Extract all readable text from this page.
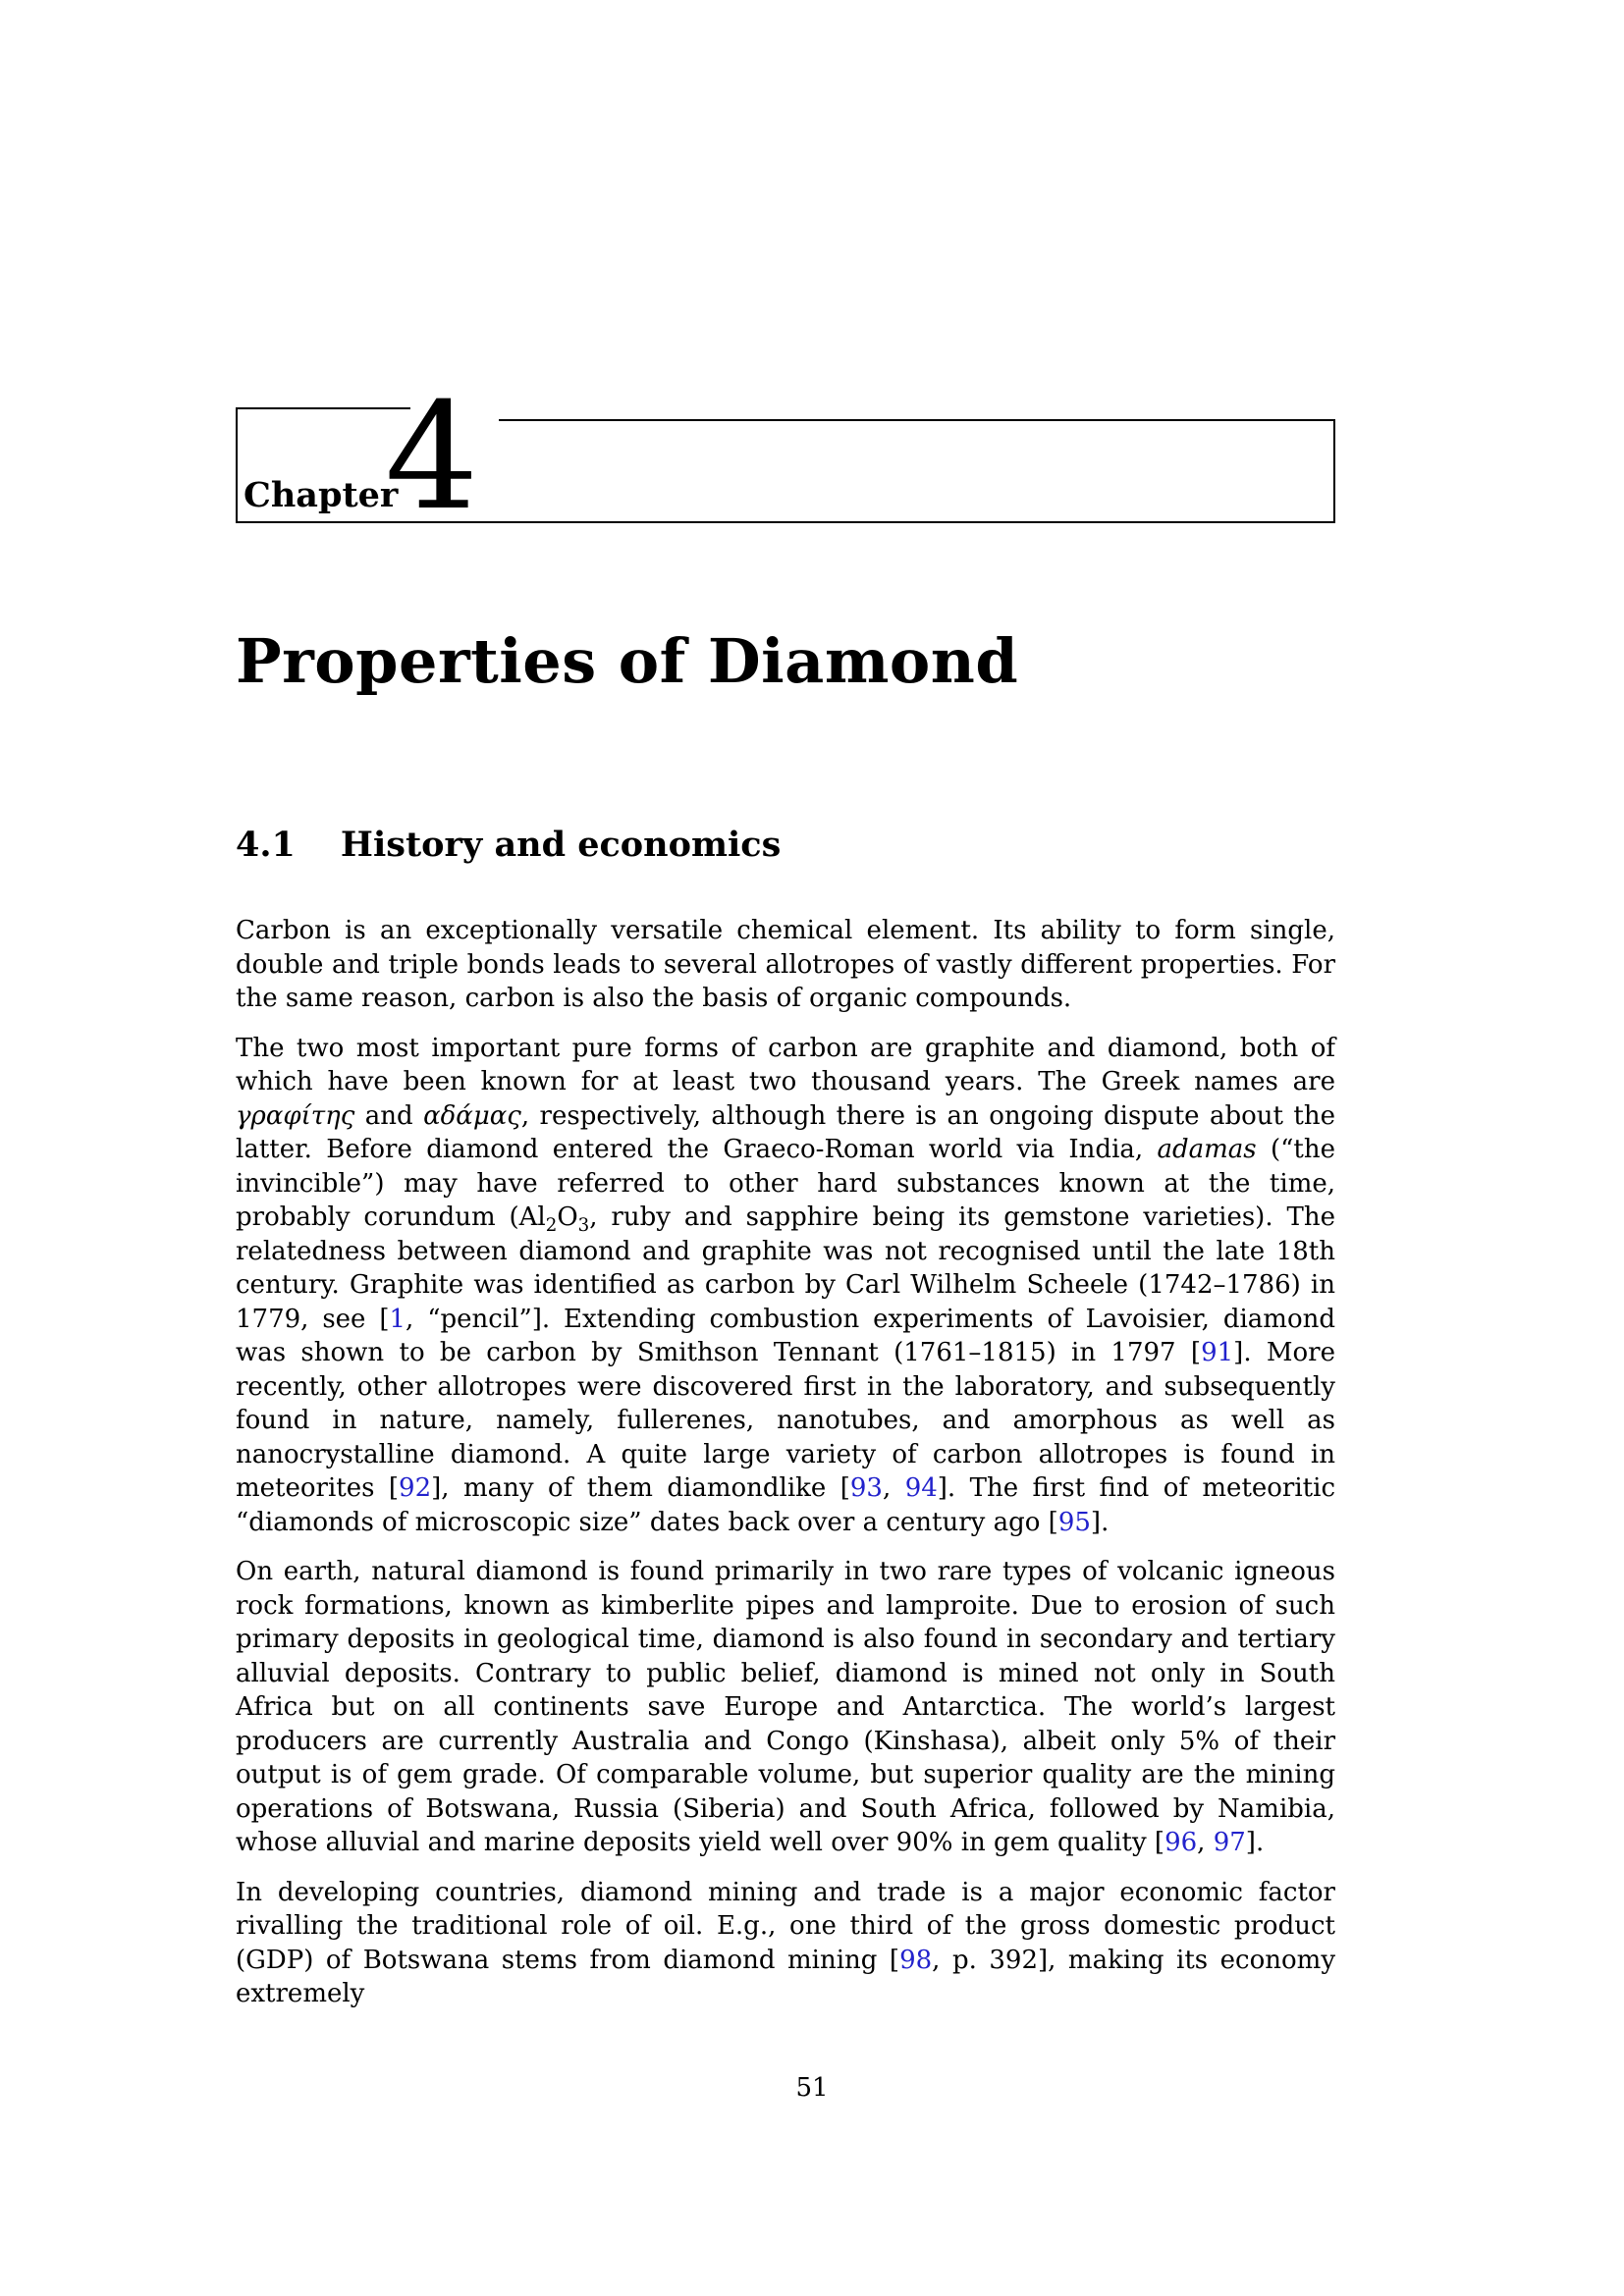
Chapter
4
Properties of Diamond
4.1 History and economics

Carbon is an exceptionally versatile chemical element. Its ability to form single, double and triple bonds leads to several allotropes of vastly different properties. For the same reason, carbon is also the basis of organic compounds.

The two most important pure forms of carbon are graphite and diamond, both of which have been known for at least two thousand years. The Greek names are γραφίτης and αδάμας, respectively, although there is an ongoing dispute about the latter. Before diamond entered the Graeco-Roman world via India, adamas (“the invincible”) may have referred to other hard substances known at the time, probably corundum ($Al_2O_3$, ruby and sapphire being its gemstone varieties). The relatedness between diamond and graphite was not recognised until the late 18th century. Graphite was identified as carbon by Carl Wilhelm Scheele (1742–1786) in 1779, see [1, “pencil”]. Extending combustion experiments of Lavoisier, diamond was shown to be carbon by Smithson Tennant (1761–1815) in 1797 [91]. More recently, other allotropes were discovered first in the laboratory, and subsequently found in nature, namely, fullerenes, nanotubes, and amorphous as well as nanocrystalline diamond. A quite large variety of carbon allotropes is found in meteorites [92], many of them diamondlike [93, 94]. The first find of meteoritic “diamonds of microscopic size” dates back over a century ago [95].

On earth, natural diamond is found primarily in two rare types of volcanic igneous rock formations, known as kimberlite pipes and lamproite. Due to erosion of such primary deposits in geological time, diamond is also found in secondary and tertiary alluvial deposits. Contrary to public belief, diamond is mined not only in South Africa but on all continents save Europe and Antarctica. The world’s largest producers are currently Australia and Congo (Kinshasa), albeit only 5% of their output is of gem grade. Of comparable volume, but superior quality are the mining operations of Botswana, Russia (Siberia) and South Africa, followed by Namibia, whose alluvial and marine deposits yield well over 90% in gem quality [96, 97].

In developing countries, diamond mining and trade is a major economic factor rivalling the traditional role of oil. E.g., one third of the gross domestic product (GDP) of Botswana stems from diamond mining [98, p. 392], making its economy extremely

51
